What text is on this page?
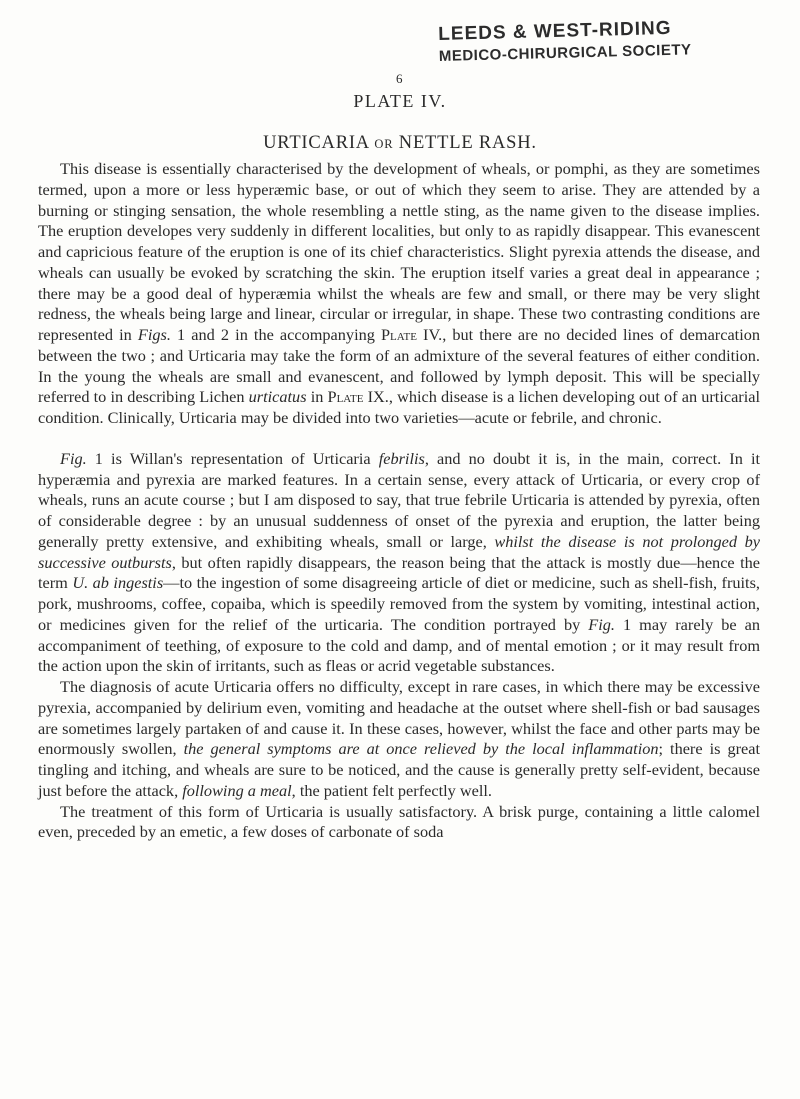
LEEDS & WEST-RIDING
MEDICO-CHIRURGICAL SOCIETY
6
PLATE IV.
URTICARIA OR NETTLE RASH.

This disease is essentially characterised by the development of wheals, or pomphi, as they are sometimes termed, upon a more or less hyperæmic base, or out of which they seem to arise. They are attended by a burning or stinging sensation, the whole resembling a nettle sting, as the name given to the disease implies. The eruption developes very suddenly in different localities, but only to as rapidly disappear. This evanescent and capricious feature of the eruption is one of its chief characteristics. Slight pyrexia attends the disease, and wheals can usually be evoked by scratching the skin. The eruption itself varies a great deal in appearance ; there may be a good deal of hyperæmia whilst the wheals are few and small, or there may be very slight redness, the wheals being large and linear, circular or irregular, in shape. These two contrasting conditions are represented in Figs. 1 and 2 in the accompanying Plate IV., but there are no decided lines of demarcation between the two ; and Urticaria may take the form of an admixture of the several features of either condition. In the young the wheals are small and evanescent, and followed by lymph deposit. This will be specially referred to in describing Lichen urticatus in Plate IX., which disease is a lichen developing out of an urticarial condition. Clinically, Urticaria may be divided into two varieties—acute or febrile, and chronic.

Fig. 1 is Willan's representation of Urticaria febrilis, and no doubt it is, in the main, correct. In it hyperæmia and pyrexia are marked features. In a certain sense, every attack of Urticaria, or every crop of wheals, runs an acute course ; but I am disposed to say, that true febrile Urticaria is attended by pyrexia, often of considerable degree : by an unusual suddenness of onset of the pyrexia and eruption, the latter being generally pretty extensive, and exhibiting wheals, small or large, whilst the disease is not prolonged by successive outbursts, but often rapidly disappears, the reason being that the attack is mostly due—hence the term U. ab ingestis—to the ingestion of some disagreeing article of diet or medicine, such as shell-fish, fruits, pork, mushrooms, coffee, copaiba, which is speedily removed from the system by vomiting, intestinal action, or medicines given for the relief of the urticaria. The condition portrayed by Fig. 1 may rarely be an accompaniment of teething, of exposure to the cold and damp, and of mental emotion ; or it may result from the action upon the skin of irritants, such as fleas or acrid vegetable substances.

The diagnosis of acute Urticaria offers no difficulty, except in rare cases, in which there may be excessive pyrexia, accompanied by delirium even, vomiting and headache at the outset where shell-fish or bad sausages are sometimes largely partaken of and cause it. In these cases, however, whilst the face and other parts may be enormously swollen, the general symptoms are at once relieved by the local inflammation; there is great tingling and itching, and wheals are sure to be noticed, and the cause is generally pretty self-evident, because just before the attack, following a meal, the patient felt perfectly well.

The treatment of this form of Urticaria is usually satisfactory. A brisk purge, containing a little calomel even, preceded by an emetic, a few doses of carbonate of soda
